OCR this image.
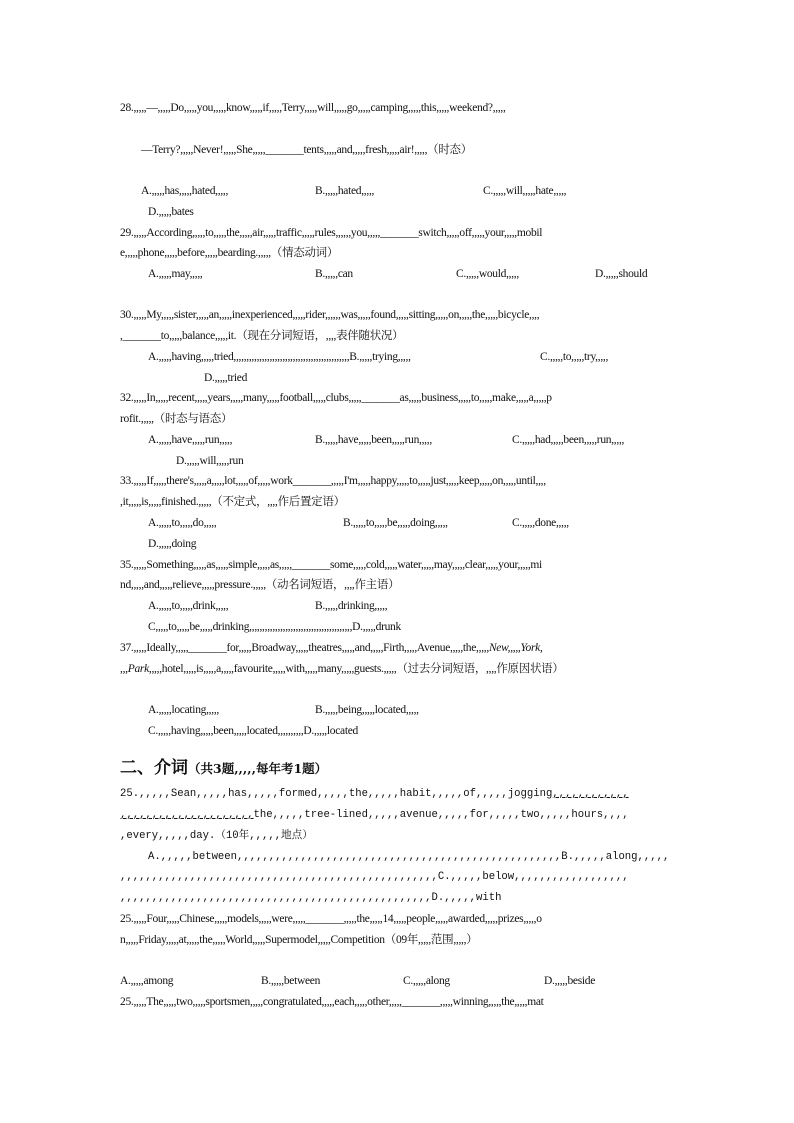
28.,,,,,—,,,,,Do,,,,,you,,,,,know,,,,,if,,,,,Terry,,,,,will,,,,,go,,,,,camping,,,,,this,,,,,weekend?,,,,,
—Terry?,,,,,Never!,,,,,She,,,,,_______tents,,,,,and,,,,,fresh,,,,,air!,,,,,（时态）
A.,,,,,has,,,,,hated,,,,,	B.,,,,,hated,,,,,	C.,,,,,will,,,,,hate,,,,,
D.,,,,,bates
29.,,,,,According,,,,,to,,,,,the,,,,,air,,,,,traffic,,,,,rules,,,,,,you,,,,,_______switch,,,,,off,,,,,your,,,,,mobil
e,,,,,phone,,,,,before,,,,,bearding.,,,,,（情态动词）
A.,,,,,may,,,,,	B.,,,,,can	C.,,,,,would,,,,,	D.,,,,,should
30.,,,,,My,,,,,sister,,,,,an,,,,,inexperienced,,,,,rider,,,,,,was,,,,,found,,,,,sitting,,,,,on,,,,,the,,,,,bicycle,,,,
,_______to,,,,,balance,,,,,it.（现在分词短语，,,,,表伴随状况）
A.,,,,,having,,,,,tried,,,,,,,,,,,,,,,,,,,,,,,,,,,,,,,,,,,,,,,,,,,,,B.,,,,,trying,,,,,	C.,,,,,to,,,,,try,,,,,
D.,,,,,tried
32.,,,,,In,,,,,recent,,,,,years,,,,,many,,,,,football,,,,,clubs,,,,,_______as,,,,,business,,,,,to,,,,,make,,,,,a,,,,,p
rofit.,,,,,（时态与语态）
A.,,,,,have,,,,,run,,,,,	B.,,,,,have,,,,,been,,,,,run,,,,,	C.,,,,,had,,,,,been,,,,,run,,,,,
D.,,,,,will,,,,,run
33.,,,,,If,,,,,there's,,,,,a,,,,,lot,,,,,of,,,,,work_______,,,,,I'm,,,,,happy,,,,,to,,,,,just,,,,,keep,,,,,on,,,,,until,,,,
,it,,,,,is,,,,,finished.,,,,,（不定式，,,,,作后置定语）
A.,,,,,to,,,,,do,,,,,	B.,,,,,to,,,,,be,,,,,doing,,,,,	C.,,,,,done,,,,,
D.,,,,,doing
35.,,,,,Something,,,,,as,,,,,simple,,,,,as,,,,,_______some,,,,,cold,,,,,water,,,,,may,,,,,clear,,,,,your,,,,,mi
nd,,,,,and,,,,,relieve,,,,,pressure.,,,,,（动名词短语，,,,,作主语）
A.,,,,,to,,,,,drink,,,,,	B.,,,,,drinking,,,,,
C,,,,,to,,,,,be,,,,,drinking,,,,,,,,,,,,,,,,,,,,,,,,,,,,,,,,,,,,,,,,D.,,,,,drunk
37.,,,,,Ideally,,,,,_______for,,,,,Broadway,,,,,theatres,,,,,and,,,,,Firth,,,,,Avenue,,,,,the,,,,,New,,,,,York,
,,,Park,,,,,hotel,,,,,is,,,,,a,,,,,favourite,,,,,with,,,,,many,,,,,guests.,,,,,（过去分词短语，,,,,作原因状语）
A.,,,,,locating,,,,,	B.,,,,,being,,,,,located,,,,,
C.,,,,,having,,,,,been,,,,,located,,,,,,,,,,D.,,,,,located
二、介词（共3题,,,,,每年考1题）
25.,,,,,Sean,,,,,has,,,,,formed,,,,,the,,,,,habit,,,,,of,,,,,jogging,,,,,,,,,,,,
,,,,,,,,,,,,,,,,,,,,,the,,,,,tree-lined,,,,,avenue,,,,,for,,,,,two,,,,,hours,,,,
,every,,,,,day.（10年,,,,,地点）
A.,,,,,between,,,,,,,,,,,,,,,,,,,,,,,,,,,,,,,,,,,,,,,,,,,,,,,,,,,B.,,,,,along,,,,,
,,,,,,,,,,,,,,,,,,,,,,,,,,,,,,,,,,,,,,,,,,,,,,,,,,C.,,,,,below,,,,,,,,,,,,,,,,,,
,,,,,,,,,,,,,,,,,,,,,,,,,,,,,,,,,,,,,,,,,,,,,,,,,D.,,,,,with
25.,,,,,Four,,,,,Chinese,,,,,models,,,,,were,,,,,_______,,,,,the,,,,,14,,,,,people,,,,,awarded,,,,,prizes,,,,,o
n,,,,,Friday,,,,,at,,,,,the,,,,,World,,,,,Supermodel,,,,,Competition（09年,,,,,范围,,,,,）
A.,,,,,among	B.,,,,,between	C.,,,,,along	D.,,,,,beside
25.,,,,,The,,,,,two,,,,,sportsmen,,,,,congratulated,,,,,each,,,,,other,,,,,_______,,,,,winning,,,,,the,,,,,mat
